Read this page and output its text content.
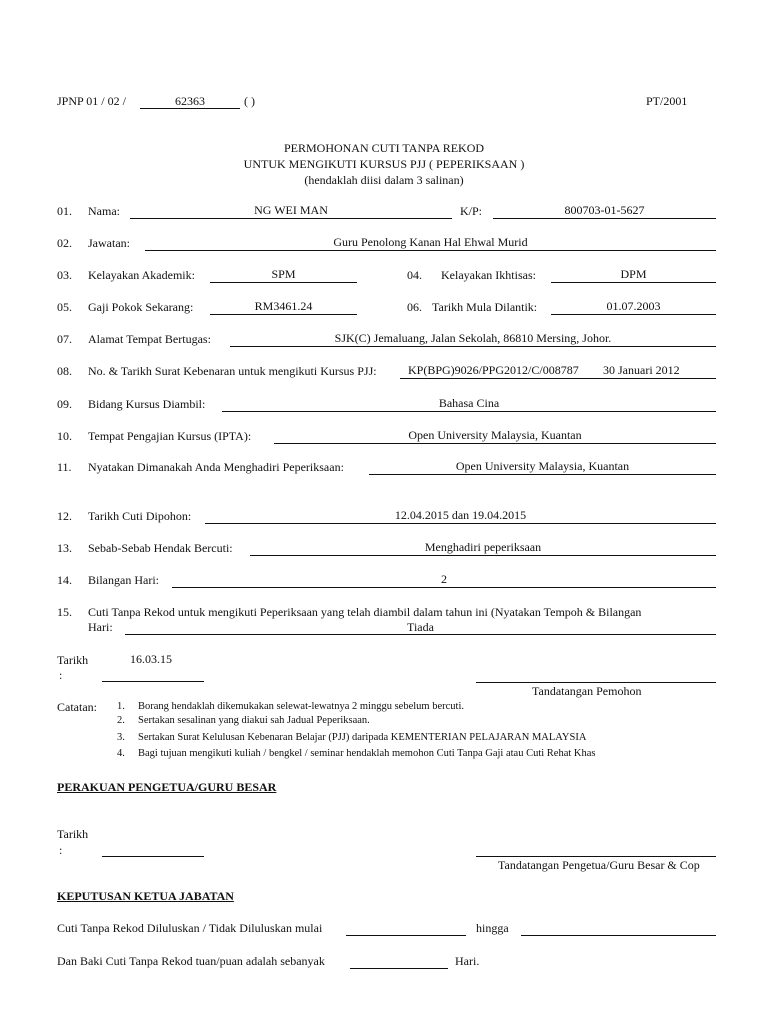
JPNP 01 / 02 /	62363	( )	PT/2001
PERMOHONAN CUTI TANPA REKOD
UNTUK MENGIKUTI KURSUS PJJ ( PEPERIKSAAN )
(hendaklah diisi dalam 3 salinan)
01. Nama:	NG WEI MAN	K/P:	800703-01-5627
02. Jawatan:	Guru Penolong Kanan Hal Ehwal Murid
03. Kelayakan Akademik:	SPM	04. Kelayakan Ikhtisas:	DPM
05. Gaji Pokok Sekarang:	RM3461.24	06. Tarikh Mula Dilantik:	01.07.2003
07. Alamat Tempat Bertugas:	SJK(C) Jemaluang, Jalan Sekolah, 86810 Mersing, Johor.
08. No. & Tarikh Surat Kebenaran untuk mengikuti Kursus PJJ:	KP(BPG)9026/PPG2012/C/008787 30 Januari 2012
09. Bidang Kursus Diambil:	Bahasa Cina
10. Tempat Pengajian Kursus (IPTA):	Open University Malaysia, Kuantan
11. Nyatakan Dimanakah Anda Menghadiri Peperiksaan:	Open University Malaysia, Kuantan
12. Tarikh Cuti Dipohon:	12.04.2015 dan 19.04.2015
13. Sebab-Sebab Hendak Bercuti:	Menghadiri peperiksaan
14. Bilangan Hari:	2
15. Cuti Tanpa Rekod untuk mengikuti Peperiksaan yang telah diambil dalam tahun ini (Nyatakan Tempoh & Bilangan
Hari:	Tiada
Tarikh
:
16.03.15
Tandatangan Pemohon
Catatan: 1. Borang hendaklah dikemukakan selewat-lewatnya 2 minggu sebelum bercuti.
2. Sertakan sesalinan yang diakui sah Jadual Peperiksaan.
3. Sertakan Surat Kelulusan Kebenaran Belajar (PJJ) daripada KEMENTERIAN PELAJARAN MALAYSIA
4. Bagi tujuan mengikuti kuliah / bengkel / seminar hendaklah memohon Cuti Tanpa Gaji atau Cuti Rehat Khas
PERAKUAN PENGETUA/GURU BESAR
Tarikh
:
Tandatangan Pengetua/Guru Besar & Cop
KEPUTUSAN KETUA JABATAN
Cuti Tanpa Rekod Diluluskan / Tidak Diluluskan mulai	hingga
Dan Baki Cuti Tanpa Rekod tuan/puan adalah sebanyak	Hari.
